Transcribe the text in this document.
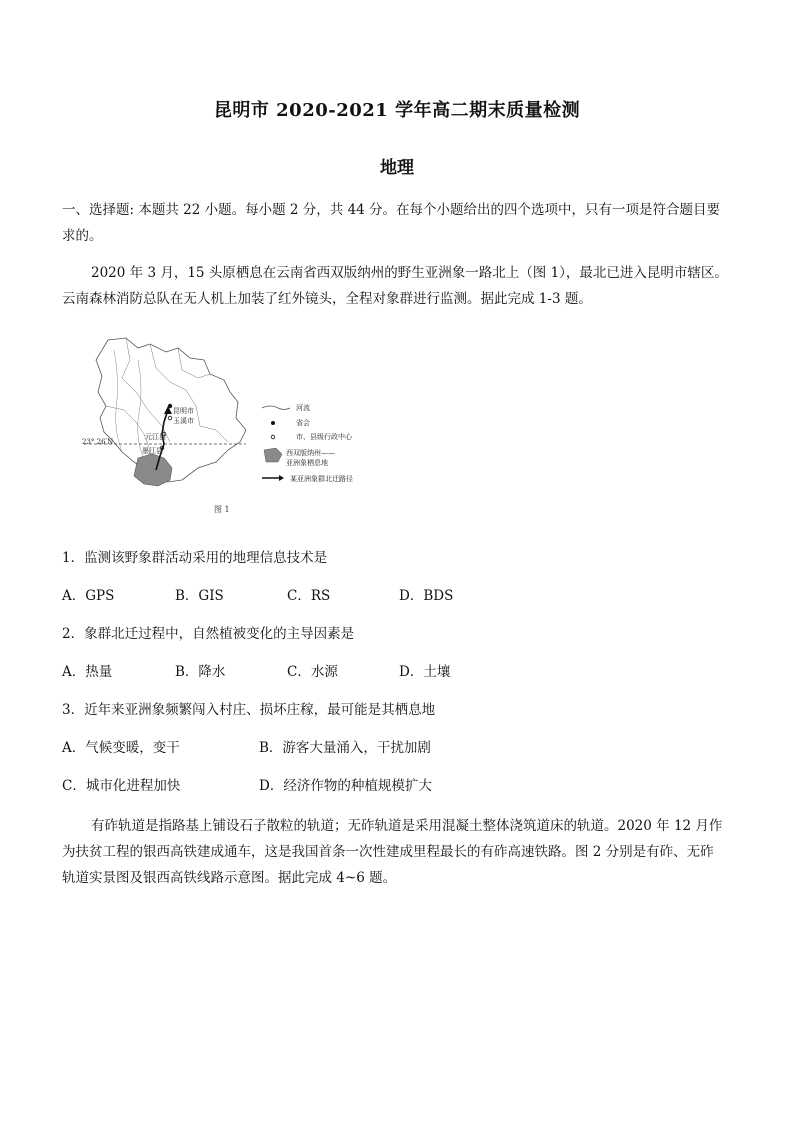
昆明市 2020-2021 学年高二期末质量检测
地理
一、选择题: 本题共 22 小题。每小题 2 分，共 44 分。在每个小题给出的四个选项中，只有一项是符合题目要
求的。
2020 年 3 月，15 头原栖息在云南省西双版纳州的野生亚洲象一路北上（图 1），最北已进入昆明市辖区。
云南森林消防总队在无人机上加装了红外镜头，全程对象群进行监测。据此完成 1-3 题。
昆明市
玉溪市
元江县
墨江县
23° 26′N
河流
省会
市、县级行政中心
西双版纳州——
亚洲象栖息地
某亚洲象群北迁路径
图 1
1．监测该野象群活动采用的地理信息技术是
A．GPS	B．GIS	C．RS	D．BDS
2．象群北迁过程中，自然植被变化的主导因素是
A．热量	B．降水	C．水源	D．土壤
3．近年来亚洲象频繁闯入村庄、损坏庄稼，最可能是其栖息地
A．气候变暖，变干	B．游客大量涌入，干扰加剧
C．城市化进程加快	D．经济作物的种植规模扩大
有砟轨道是指路基上铺设石子散粒的轨道；无砟轨道是采用混凝土整体浇筑道床的轨道。2020 年 12 月作
为扶贫工程的银西高铁建成通车，这是我国首条一次性建成里程最长的有砟高速铁路。图 2 分别是有砟、无砟
轨道实景图及银西高铁线路示意图。据此完成 4~6 题。
